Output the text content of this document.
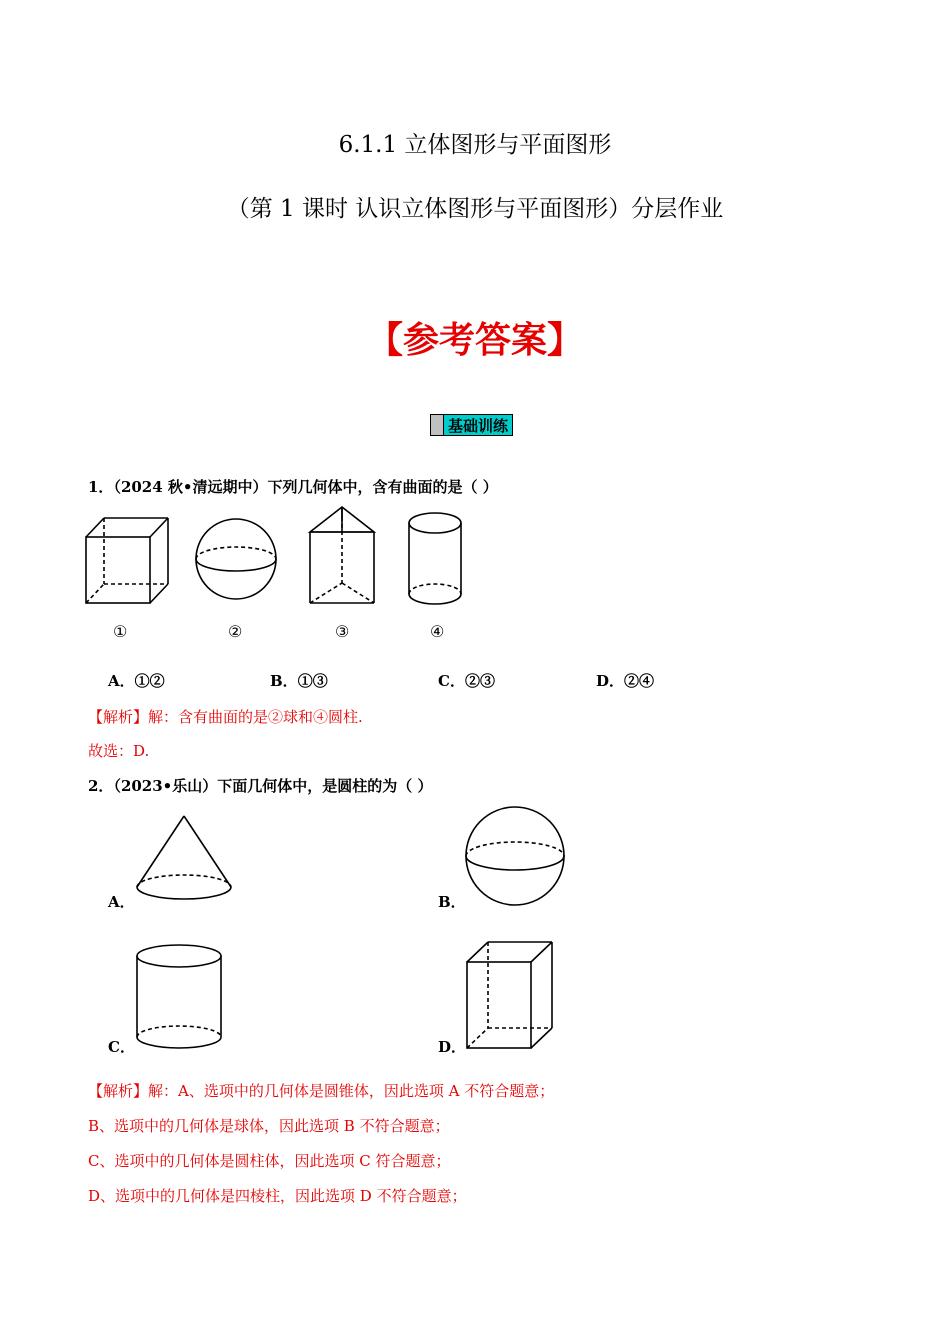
6.1.1 立体图形与平面图形
（第 1 课时 认识立体图形与平面图形）分层作业
【参考答案】
基础训练
1．（2024 秋•清远期中）下列几何体中，含有曲面的是（ ）
①	②	③	④
A．①②	B．①③	C．②③	D．②④
【解析】解：含有曲面的是②球和④圆柱.
故选：D.
2．（2023•乐山）下面几何体中，是圆柱的为（ ）
A．	B．
C．	D．
【解析】解：A、选项中的几何体是圆锥体，因此选项 A 不符合题意；
B、选项中的几何体是球体，因此选项 B 不符合题意；
C、选项中的几何体是圆柱体，因此选项 C 符合题意；
D、选项中的几何体是四棱柱，因此选项 D 不符合题意；
